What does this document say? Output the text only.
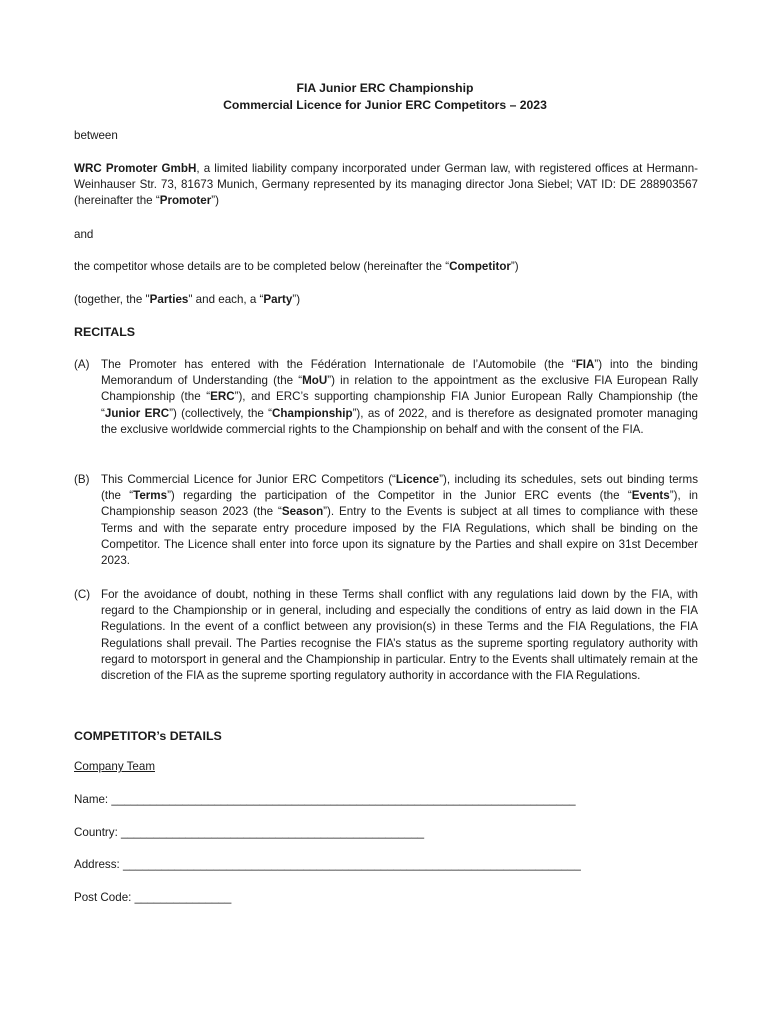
FIA Junior ERC Championship
Commercial Licence for Junior ERC Competitors – 2023
between
WRC Promoter GmbH, a limited liability company incorporated under German law, with registered offices at Hermann-Weinhauser Str. 73, 81673 Munich, Germany represented by its managing director Jona Siebel; VAT ID: DE 288903567 (hereinafter the “Promoter”)
and
the competitor whose details are to be completed below (hereinafter the “Competitor”)
(together, the "Parties" and each, a “Party”)
RECITALS
(A) The Promoter has entered with the Fédération Internationale de l’Automobile (the “FIA”) into the binding Memorandum of Understanding (the “MoU”) in relation to the appointment as the exclusive FIA European Rally Championship (the “ERC”), and ERC’s supporting championship FIA Junior European Rally Championship (the “Junior ERC”) (collectively, the “Championship”), as of 2022, and is therefore as designated promoter managing the exclusive worldwide commercial rights to the Championship on behalf and with the consent of the FIA.
(B) This Commercial Licence for Junior ERC Competitors (“Licence”), including its schedules, sets out binding terms (the “Terms”) regarding the participation of the Competitor in the Junior ERC events (the “Events”), in Championship season 2023 (the “Season”). Entry to the Events is subject at all times to compliance with these Terms and with the separate entry procedure imposed by the FIA Regulations, which shall be binding on the Competitor. The Licence shall enter into force upon its signature by the Parties and shall expire on 31st December 2023.
(C) For the avoidance of doubt, nothing in these Terms shall conflict with any regulations laid down by the FIA, with regard to the Championship or in general, including and especially the conditions of entry as laid down in the FIA Regulations. In the event of a conflict between any provision(s) in these Terms and the FIA Regulations, the FIA Regulations shall prevail. The Parties recognise the FIA’s status as the supreme sporting regulatory authority with regard to motorsport in general and the Championship in particular. Entry to the Events shall ultimately remain at the discretion of the FIA as the supreme sporting regulatory authority in accordance with the FIA Regulations.
COMPETITOR’s DETAILS
Company Team
Name: ________________________________________________________________________
Country: _______________________________________________
Address: _______________________________________________________________________
Post Code: _______________
